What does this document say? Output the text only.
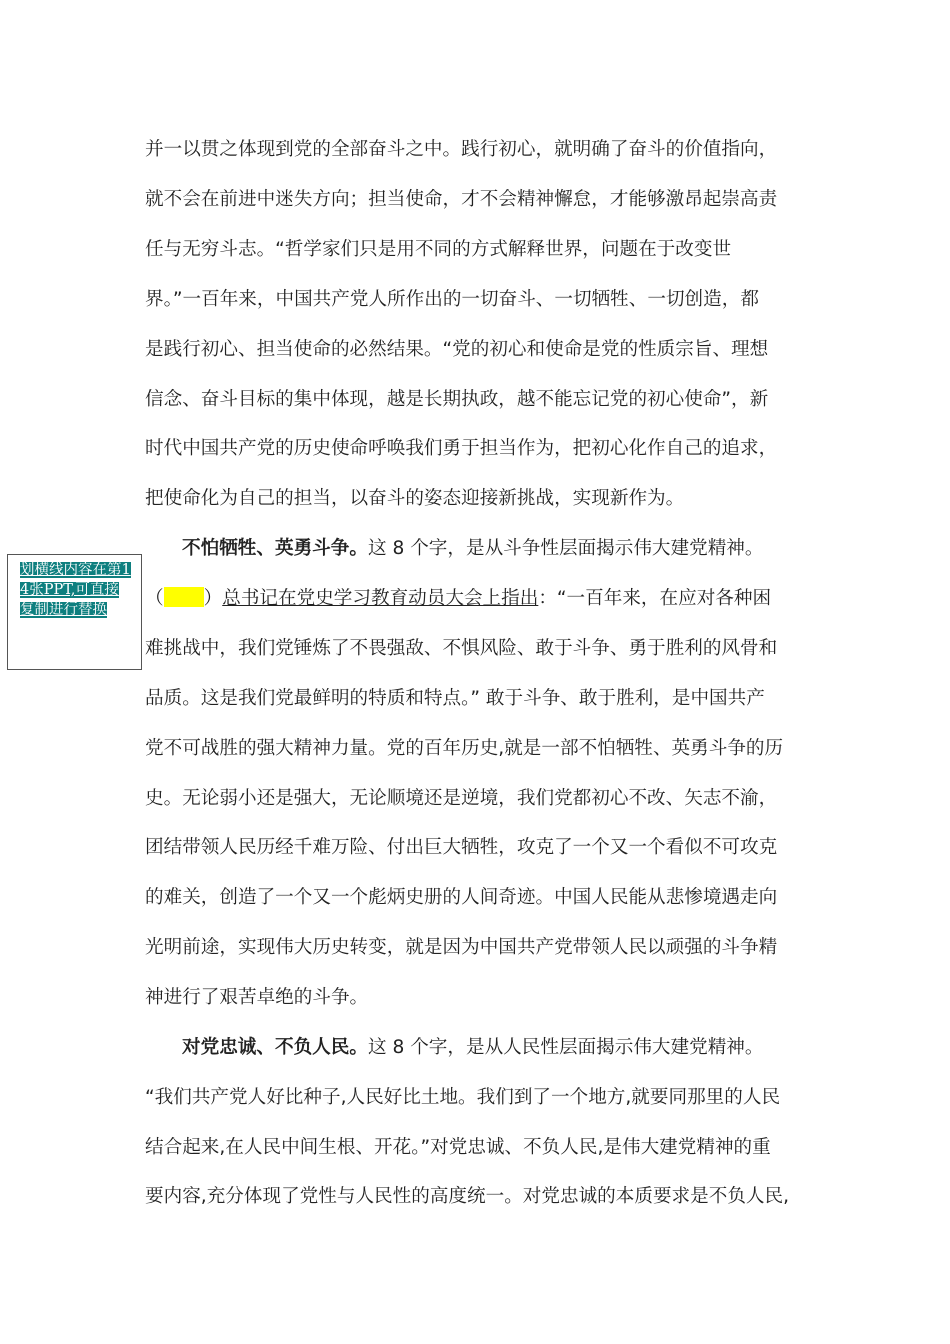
并一以贯之体现到党的全部奋斗之中。践行初心，就明确了奋斗的价值指向，
就不会在前进中迷失方向；担当使命，才不会精神懈怠，才能够激昂起崇高责
任与无穷斗志。“哲学家们只是用不同的方式解释世界，问题在于改变世
界。”一百年来，中国共产党人所作出的一切奋斗、一切牺牲、一切创造，都
是践行初心、担当使命的必然结果。“党的初心和使命是党的性质宗旨、理想
信念、奋斗目标的集中体现，越是长期执政，越不能忘记党的初心使命”，新
时代中国共产党的历史使命呼唤我们勇于担当作为，把初心化作自己的追求，
把使命化为自己的担当，以奋斗的姿态迎接新挑战，实现新作为。
不怕牺牲、英勇斗争。这 8 个字，是从斗争性层面揭示伟大建党精神。
（ ）总书记在党史学习教育动员大会上指出：“一百年来，在应对各种困
难挑战中，我们党锤炼了不畏强敌、不惧风险、敢于斗争、勇于胜利的风骨和
品质。这是我们党最鲜明的特质和特点。” 敢于斗争、敢于胜利，是中国共产
党不可战胜的强大精神力量。党的百年历史,就是一部不怕牺牲、英勇斗争的历
史。无论弱小还是强大，无论顺境还是逆境，我们党都初心不改、矢志不渝，
团结带领人民历经千难万险、付出巨大牺牲，攻克了一个又一个看似不可攻克
的难关，创造了一个又一个彪炳史册的人间奇迹。中国人民能从悲惨境遇走向
光明前途，实现伟大历史转变，就是因为中国共产党带领人民以顽强的斗争精
神进行了艰苦卓绝的斗争。
对党忠诚、不负人民。这 8 个字，是从人民性层面揭示伟大建党精神。
“我们共产党人好比种子,人民好比土地。我们到了一个地方,就要同那里的人民
结合起来,在人民中间生根、开花。”对党忠诚、不负人民,是伟大建党精神的重
要内容,充分体现了党性与人民性的高度统一。对党忠诚的本质要求是不负人民,
划横线内容在第14张PPT,可直接复制进行替换
